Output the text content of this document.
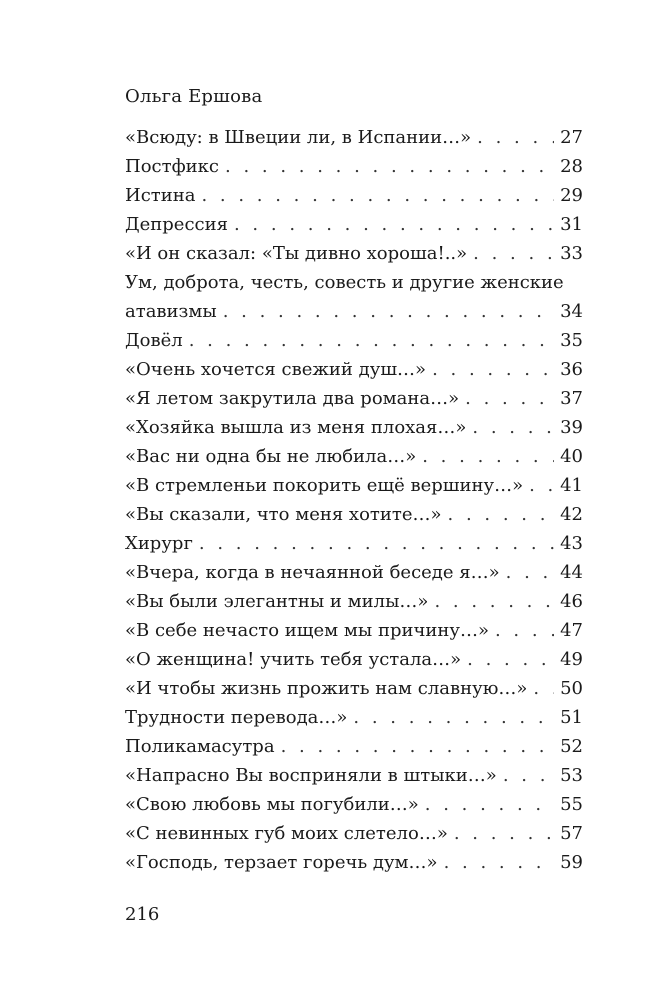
Ольга Ершова
«Всюду: в Швеции ли, в Испании…» . . .	27
Постфикс . . .	28
Истина . . .	29
Депрессия . . .	31
«И он сказал: «Ты дивно хороша!..» . . .	33
Ум, доброта, честь, совесть и другие женские
атавизмы . . .	34
Довёл . . .	35
«Очень хочется свежий душ…» . . .	36
«Я летом закрутила два романа…» . . .	37
«Хозяйка вышла из меня плохая…» . . .	39
«Вас ни одна бы не любила…» . . .	40
«В стремленьи покорить ещё вершину…» . . . 41
«Вы сказали, что меня хотите…» . . .	42
Хирург . . .	43
«Вчера, когда в нечаянной беседе я…» . . .	44
«Вы были элегантны и милы…» . . .	46
«В себе нечасто ищем мы причину…» . . .	47
«О женщина! учить тебя устала…» . . .	49
«И чтобы жизнь прожить нам славную…» . . . 50
Трудности перевода…» . . .	51
Поликамасутра . . .	52
«Напрасно Вы восприняли в штыки…» . . .	53
«Свою любовь мы погубили…» . . .	55
«С невинных губ моих слетело…» . . .	57
«Господь, терзает горечь дум…» . . .	59
216
